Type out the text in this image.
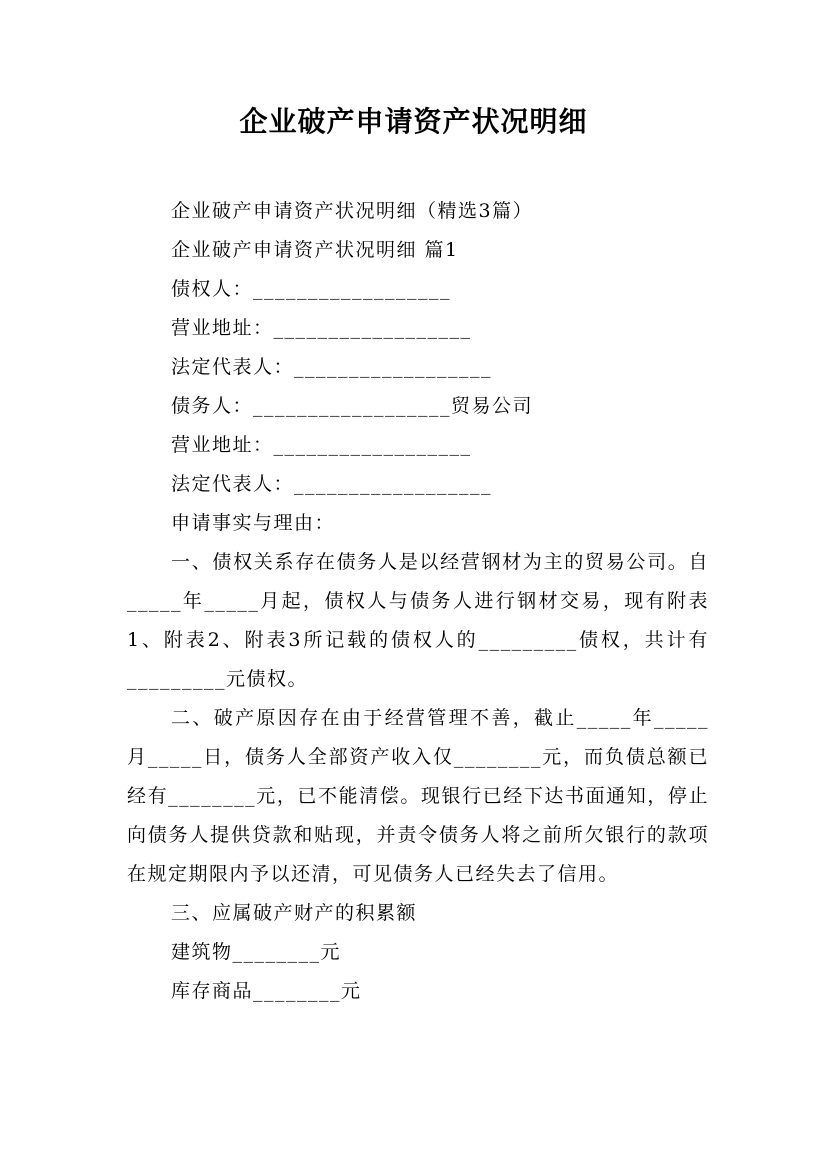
企业破产申请资产状况明细
企业破产申请资产状况明细（精选3篇）
企业破产申请资产状况明细 篇1
债权人：__________________
营业地址：__________________
法定代表人：__________________
债务人：__________________贸易公司
营业地址：__________________
法定代表人：__________________
申请事实与理由：
一、债权关系存在债务人是以经营钢材为主的贸易公司。自_____年_____月起，债权人与债务人进行钢材交易，现有附表1、附表2、附表3所记载的债权人的_________债权，共计有_________元债权。
二、破产原因存在由于经营管理不善，截止_____年_____月_____日，债务人全部资产收入仅________元，而负债总额已经有________元，已不能清偿。现银行已经下达书面通知，停止向债务人提供贷款和贴现，并责令债务人将之前所欠银行的款项在规定期限内予以还清，可见债务人已经失去了信用。
三、应属破产财产的积累额
建筑物________元
库存商品________元
